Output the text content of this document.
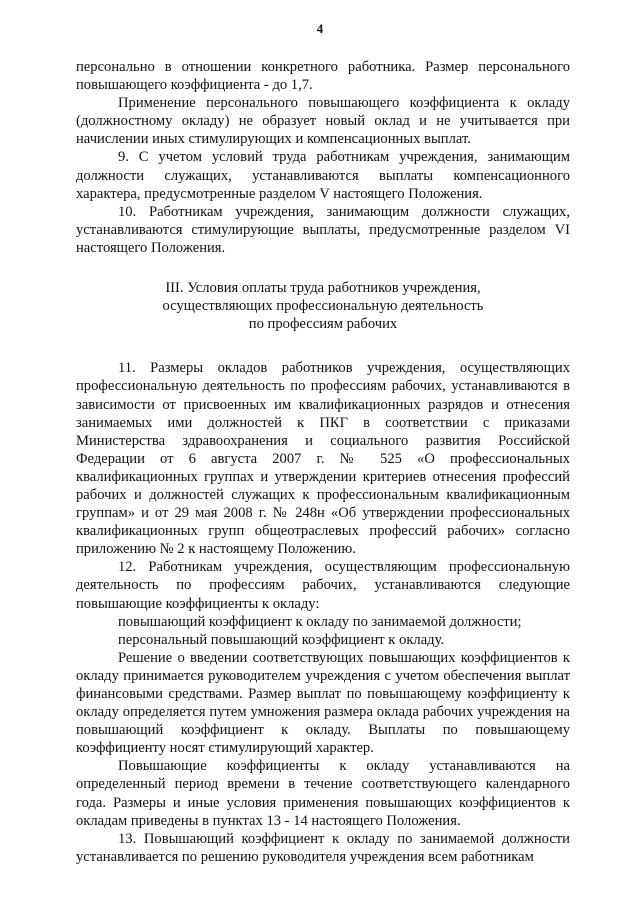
4

персонально в отношении конкретного работника. Размер персонального повышающего коэффициента - до 1,7.

Применение персонального повышающего коэффициента к окладу (должностному окладу) не образует новый оклад и не учитывается при начислении иных стимулирующих и компенсационных выплат.

9. С учетом условий труда работникам учреждения, занимающим должности служащих, устанавливаются выплаты компенсационного характера, предусмотренные разделом V настоящего Положения.

10. Работникам учреждения, занимающим должности служащих, устанавливаются стимулирующие выплаты, предусмотренные разделом VI настоящего Положения.

III. Условия оплаты труда работников учреждения,
осуществляющих профессиональную деятельность
по профессиям рабочих

11. Размеры окладов работников учреждения, осуществляющих профессиональную деятельность по профессиям рабочих, устанавливаются в зависимости от присвоенных им квалификационных разрядов и отнесения занимаемых ими должностей к ПКГ в соответствии с приказами Министерства здравоохранения и социального развития Российской Федерации от 6 августа 2007 г. № 525 «О профессиональных квалификационных группах и утверждении критериев отнесения профессий рабочих и должностей служащих к профессиональным квалификационным группам» и от 29 мая 2008 г. № 248н «Об утверждении профессиональных квалификационных групп общеотраслевых профессий рабочих» согласно приложению № 2 к настоящему Положению.

12. Работникам учреждения, осуществляющим профессиональную деятельность по профессиям рабочих, устанавливаются следующие повышающие коэффициенты к окладу:

повышающий коэффициент к окладу по занимаемой должности;

персональный повышающий коэффициент к окладу.

Решение о введении соответствующих повышающих коэффициентов к окладу принимается руководителем учреждения с учетом обеспечения выплат финансовыми средствами. Размер выплат по повышающему коэффициенту к окладу определяется путем умножения размера оклада рабочих учреждения на повышающий коэффициент к окладу. Выплаты по повышающему коэффициенту носят стимулирующий характер.

Повышающие коэффициенты к окладу устанавливаются на определенный период времени в течение соответствующего календарного года. Размеры и иные условия применения повышающих коэффициентов к окладам приведены в пунктах 13 - 14 настоящего Положения.

13. Повышающий коэффициент к окладу по занимаемой должности устанавливается по решению руководителя учреждения всем работникам
